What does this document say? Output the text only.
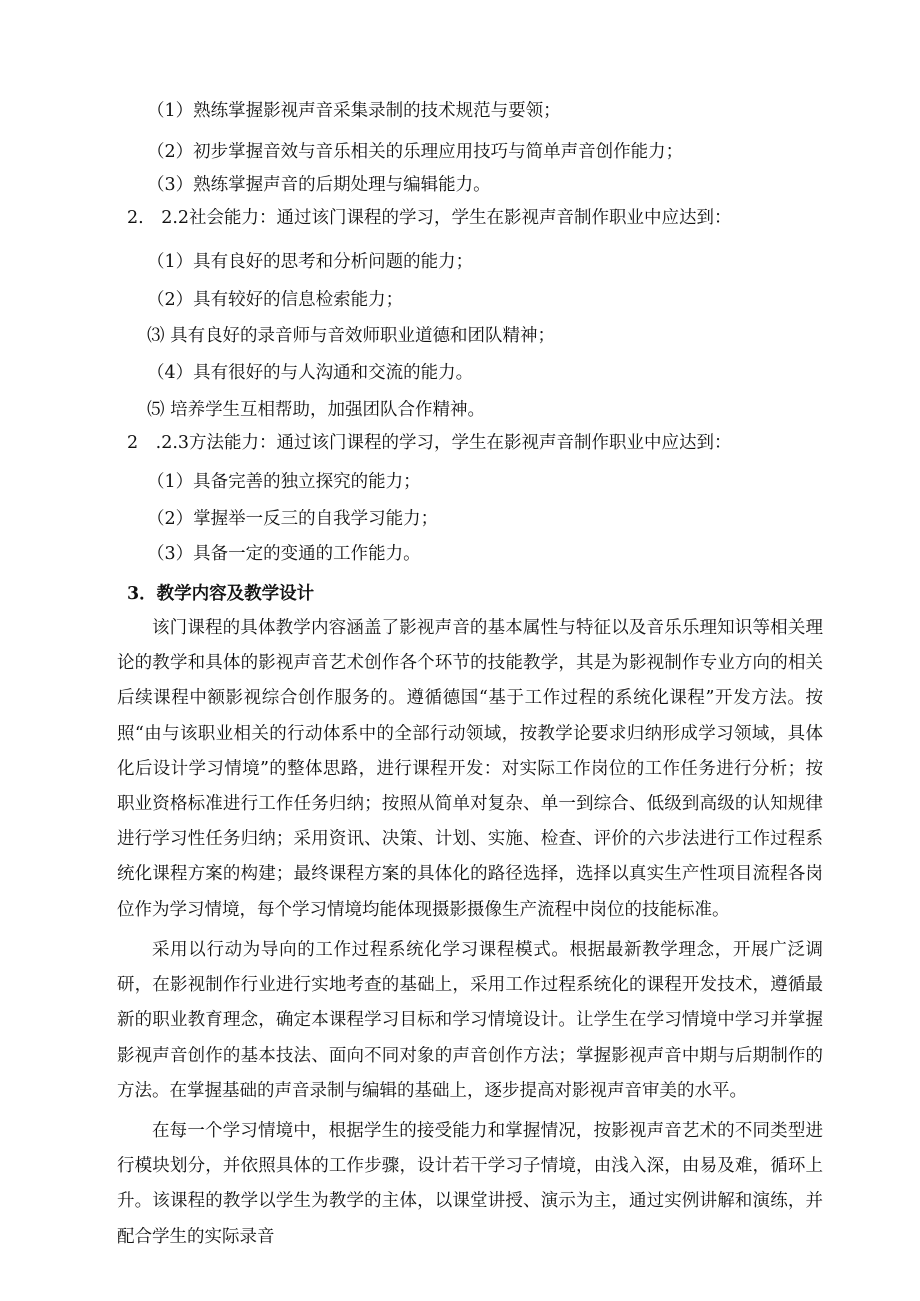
（1）熟练掌握影视声音采集录制的技术规范与要领；
（2）初步掌握音效与音乐相关的乐理应用技巧与简单声音创作能力；
（3）熟练掌握声音的后期处理与编辑能力。
2.　2.2社会能力：通过该门课程的学习，学生在影视声音制作职业中应达到：
（1）具有良好的思考和分析问题的能力；
（2）具有较好的信息检索能力；
⑶ 具有良好的录音师与音效师职业道德和团队精神；
（4）具有很好的与人沟通和交流的能力。
⑸ 培养学生互相帮助，加强团队合作精神。
2　.2.3方法能力：通过该门课程的学习，学生在影视声音制作职业中应达到：
（1）具备完善的独立探究的能力；
（2）掌握举一反三的自我学习能力；
（3）具备一定的变通的工作能力。
3．教学内容及教学设计

该门课程的具体教学内容涵盖了影视声音的基本属性与特征以及音乐乐理知识等相关理论的教学和具体的影视声音艺术创作各个环节的技能教学，其是为影视制作专业方向的相关后续课程中额影视综合创作服务的。遵循德国“基于工作过程的系统化课程”开发方法。按照“由与该职业相关的行动体系中的全部行动领域，按教学论要求归纳形成学习领域，具体化后设计学习情境”的整体思路，进行课程开发：对实际工作岗位的工作任务进行分析；按职业资格标准进行工作任务归纳；按照从简单对复杂、单一到综合、低级到高级的认知规律进行学习性任务归纳；采用资讯、决策、计划、实施、检查、评价的六步法进行工作过程系统化课程方案的构建；最终课程方案的具体化的路径选择，选择以真实生产性项目流程各岗位作为学习情境，每个学习情境均能体现摄影摄像生产流程中岗位的技能标准。

采用以行动为导向的工作过程系统化学习课程模式。根据最新教学理念，开展广泛调研，在影视制作行业进行实地考查的基础上，采用工作过程系统化的课程开发技术，遵循最新的职业教育理念，确定本课程学习目标和学习情境设计。让学生在学习情境中学习并掌握影视声音创作的基本技法、面向不同对象的声音创作方法；掌握影视声音中期与后期制作的方法。在掌握基础的声音录制与编辑的基础上，逐步提高对影视声音审美的水平。

在每一个学习情境中，根据学生的接受能力和掌握情况，按影视声音艺术的不同类型进行模块划分，并依照具体的工作步骤，设计若干学习子情境，由浅入深，由易及难，循环上升。该课程的教学以学生为教学的主体，以课堂讲授、演示为主，通过实例讲解和演练，并配合学生的实际录音
